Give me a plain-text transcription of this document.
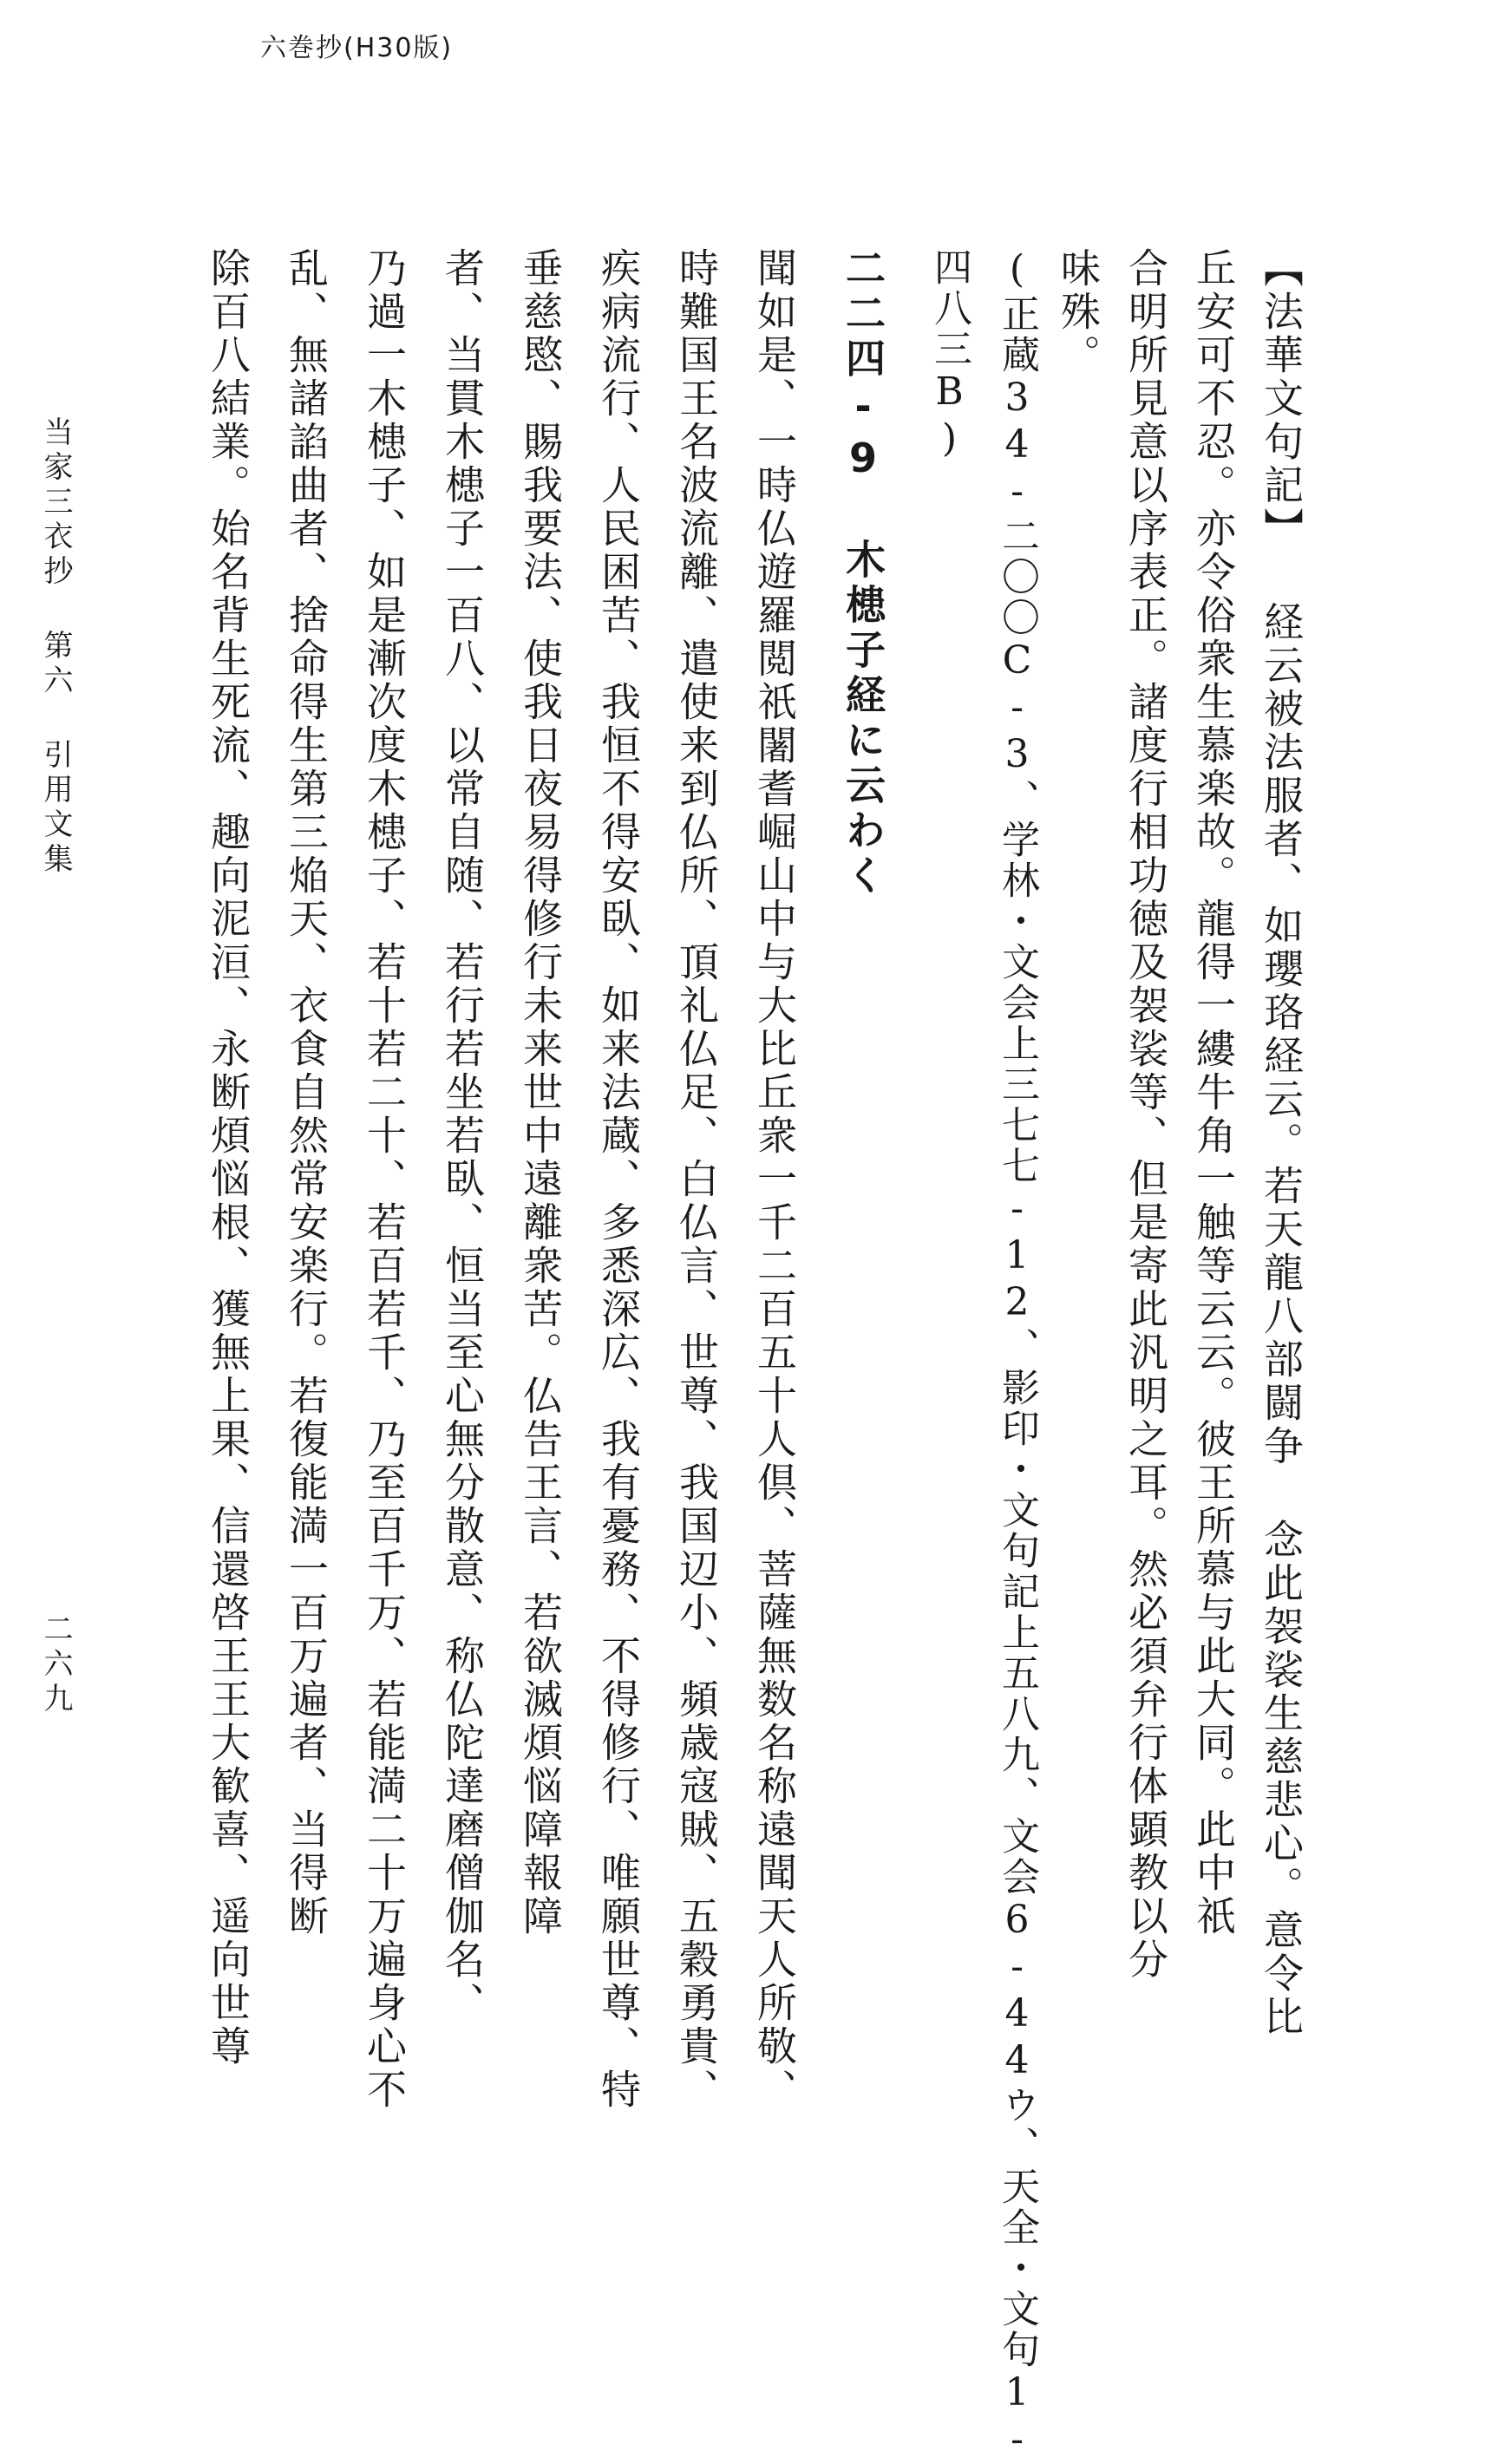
六巻抄(H30版)
【法華文句記】 経云被法服者、如瓔珞経云。若天龍八部闘争 念此袈裟生慈悲心。意令比
丘安可不忍。亦令俗衆生慕楽故。龍得一縷牛角一触等云云。彼王所慕与此大同。此中祇
合明所見意以序表正。諸度行相功徳及袈裟等、但是寄此汎明之耳。然必須弁行体顕教以分
味殊。
(正蔵34-二〇〇C-3、学林・文会上三七七-12、影印・文句記上五八九、文会6-44ウ、天全・文句1-
四八三B)
二二四-9 木槵子経に云わく
聞如是、一時仏遊羅閲祇闍耆崛山中与大比丘衆一千二百五十人倶、菩薩無数名称遠聞天人所敬、
時難国王名波流離、遣使来到仏所、頂礼仏足、白仏言、世尊、我国辺小、頻歳寇賊、五穀勇貴、
疾病流行、人民困苦、我恒不得安臥、如来法蔵、多悉深広、我有憂務、不得修行、唯願世尊、特
垂慈愍、賜我要法、使我日夜易得修行未来世中遠離衆苦。仏告王言、若欲滅煩悩障報障
者、当貫木槵子一百八、以常自随、若行若坐若臥、恒当至心無分散意、称仏陀達磨僧伽名、
乃過一木槵子、如是漸次度木槵子、若十若二十、若百若千、乃至百千万、若能満二十万遍身心不
乱、無諸諂曲者、捨命得生第三焔天、衣食自然常安楽行。若復能満一百万遍者、当得断
除百八結業。始名背生死流、趣向泥洹、永断煩悩根、獲無上果、信還啓王王大歓喜、遥向世尊
当家三衣抄 第六 引用文集
二六九
